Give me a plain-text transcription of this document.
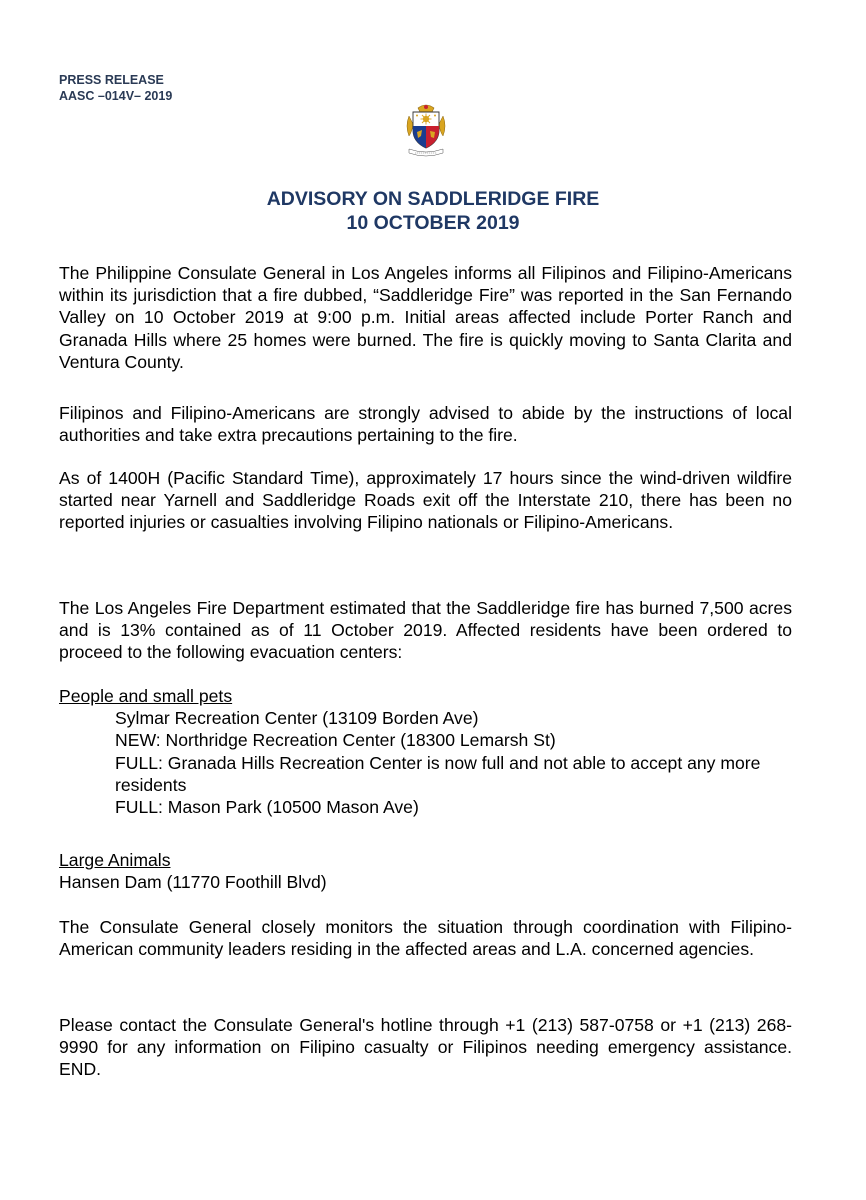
PRESS RELEASE
AASC –014V– 2019
ADVISORY ON SADDLERIDGE FIRE
10 OCTOBER 2019
The Philippine Consulate General in Los Angeles informs all Filipinos and Filipino-Americans within its jurisdiction that a fire dubbed, “Saddleridge Fire” was reported in the San Fernando Valley on 10 October 2019 at 9:00 p.m. Initial areas affected include Porter Ranch and Granada Hills where 25 homes were burned. The fire is quickly moving to Santa Clarita and Ventura County.
Filipinos and Filipino-Americans are strongly advised to abide by the instructions of local authorities and take extra precautions pertaining to the fire.
As of 1400H (Pacific Standard Time), approximately 17 hours since the wind-driven wildfire started near Yarnell and Saddleridge Roads exit off the Interstate 210, there has been no reported injuries or casualties involving Filipino nationals or Filipino-Americans.
The Los Angeles Fire Department estimated that the Saddleridge fire has burned 7,500 acres and is 13% contained as of 11 October 2019. Affected residents have been ordered to proceed to the following evacuation centers:
People and small pets
Sylmar Recreation Center (13109 Borden Ave)
NEW: Northridge Recreation Center (18300 Lemarsh St)
FULL: Granada Hills Recreation Center is now full and not able to accept any more residents
FULL: Mason Park (10500 Mason Ave)
Large Animals
Hansen Dam (11770 Foothill Blvd)
The Consulate General closely monitors the situation through coordination with Filipino-American community leaders residing in the affected areas and L.A. concerned agencies.
Please contact the Consulate General's hotline through +1 (213) 587-0758 or +1 (213) 268-9990 for any information on Filipino casualty or Filipinos needing emergency assistance. END.
